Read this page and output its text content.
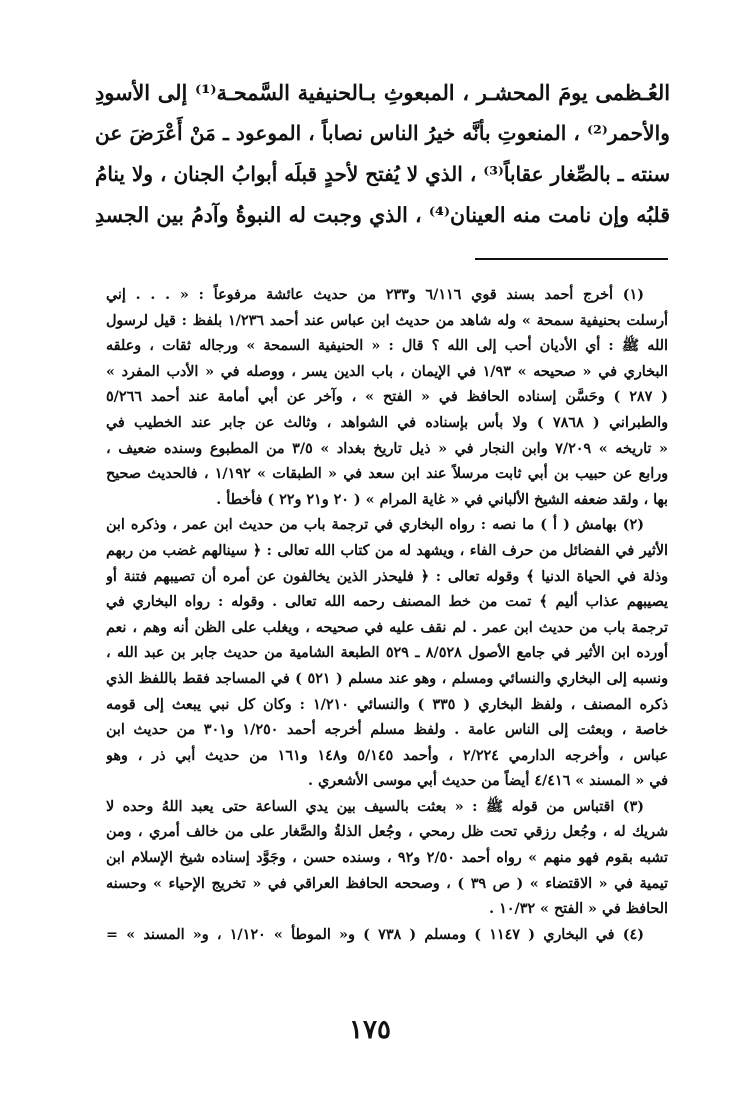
العُـظمى يومَ المحشـر ، المبعوثِ بـالحنيفية السَّمحـة⁽¹⁾ إلى الأسودِ
والأحمر⁽²⁾ ، المنعوتِ بأنَّه خيرُ الناس نصاباً ، الموعود ـ مَنْ أَعْرَضَ عن
سنته ـ بالصِّغار عقاباً⁽³⁾ ، الذي لا يُفتح لأحدٍ قبلَه أبوابُ الجنان ، ولا ينامُ
قلبُه وإن نامت منه العينان⁽⁴⁾ ، الذي وجبت له النبوةُ وآدمُ بين الجسدِ
(١) أخرج أحمد بسند قوي ٦/١١٦ و٢٣٣ من حديث عائشة مرفوعاً : « . . . إني
أرسلت بحنيفية سمحة » وله شاهد من حديث ابن عباس عند أحمد ١/٢٣٦ بلفظ : قيل لرسول
الله ﷺ : أي الأديان أحب إلى الله ؟ قال : « الحنيفية السمحة » ورجاله ثقات ، وعلقه
البخاري في « صحيحه » ١/٩٣ في الإيمان ، باب الدين يسر ، ووصله في « الأدب المفرد »
( ٢٨٧ ) وحَسَّن إسناده الحافظ في « الفتح » ، وآخر عن أبي أمامة عند أحمد ٥/٢٦٦
والطبراني ( ٧٨٦٨ ) ولا بأس بإسناده في الشواهد ، وثالث عن جابر عند الخطيب في
« تاريخه » ٧/٢٠٩ وابن النجار في « ذيل تاريخ بغداد » ٣/٥ من المطبوع وسنده ضعيف ،
ورابع عن حبيب بن أبي ثابت مرسلاً عند ابن سعد في « الطبقات » ١/١٩٢ ، فالحديث صحيح
بها ، ولقد ضعفه الشيخ الألباني في « غاية المرام » ( ٢٠ و٢١ و٢٢ ) فأخطأ .
(٢) بهامش ( أ ) ما نصه : رواه البخاري في ترجمة باب من حديث ابن عمر ، وذكره ابن
الأثير في الفضائل من حرف الفاء ، ويشهد له من كتاب الله تعالى : ﴿ سينالهم غضب من ربهم
وذلة في الحياة الدنيا ﴾ وقوله تعالى : ﴿ فليحذر الذين يخالفون عن أمره أن تصيبهم فتنة أو
يصيبهم عذاب أليم ﴾ تمت من خط المصنف رحمه الله تعالى . وقوله : رواه البخاري في
ترجمة باب من حديث ابن عمر . لم نقف عليه في صحيحه ، ويغلب على الظن أنه وهم ، نعم
أورده ابن الأثير في جامع الأصول ٨/٥٢٨ ـ ٥٢٩ الطبعة الشامية من حديث جابر بن عبد الله ،
ونسبه إلى البخاري والنسائي ومسلم ، وهو عند مسلم ( ٥٢١ ) في المساجد فقط باللفظ الذي
ذكره المصنف ، ولفظ البخاري ( ٣٣٥ ) والنسائي ١/٢١٠ : وكان كل نبي يبعث إلى قومه
خاصة ، وبعثت إلى الناس عامة . ولفظ مسلم أخرجه أحمد ١/٢٥٠ و٣٠١ من حديث ابن
عباس ، وأخرجه الدارمي ٢/٢٢٤ ، وأحمد ٥/١٤٥ و١٤٨ و١٦١ من حديث أبي ذر ، وهو
في « المسند » ٤/٤١٦ أيضاً من حديث أبي موسى الأشعري .
(٣) اقتباس من قوله ﷺ : « بعثت بالسيف بين يدي الساعة حتى يعبد اللهُ وحده لا
شريك له ، وجُعل رزقي تحت ظل رمحي ، وجُعل الذلةُ والصَّغار على من خالف أمري ، ومن
تشبه بقوم فهو منهم » رواه أحمد ٢/٥٠ و٩٢ ، وسنده حسن ، وجَوَّد إسناده شيخ الإسلام ابن
تيمية في « الاقتضاء » ( ص ٣٩ ) ، وصححه الحافظ العراقي في « تخريج الإحياء » وحسنه
الحافظ في « الفتح » ١٠/٣٢ .
(٤) في البخاري ( ١١٤٧ ) ومسلم ( ٧٣٨ ) و« الموطأ » ١/١٢٠ ، و« المسند » =
١٧٥
